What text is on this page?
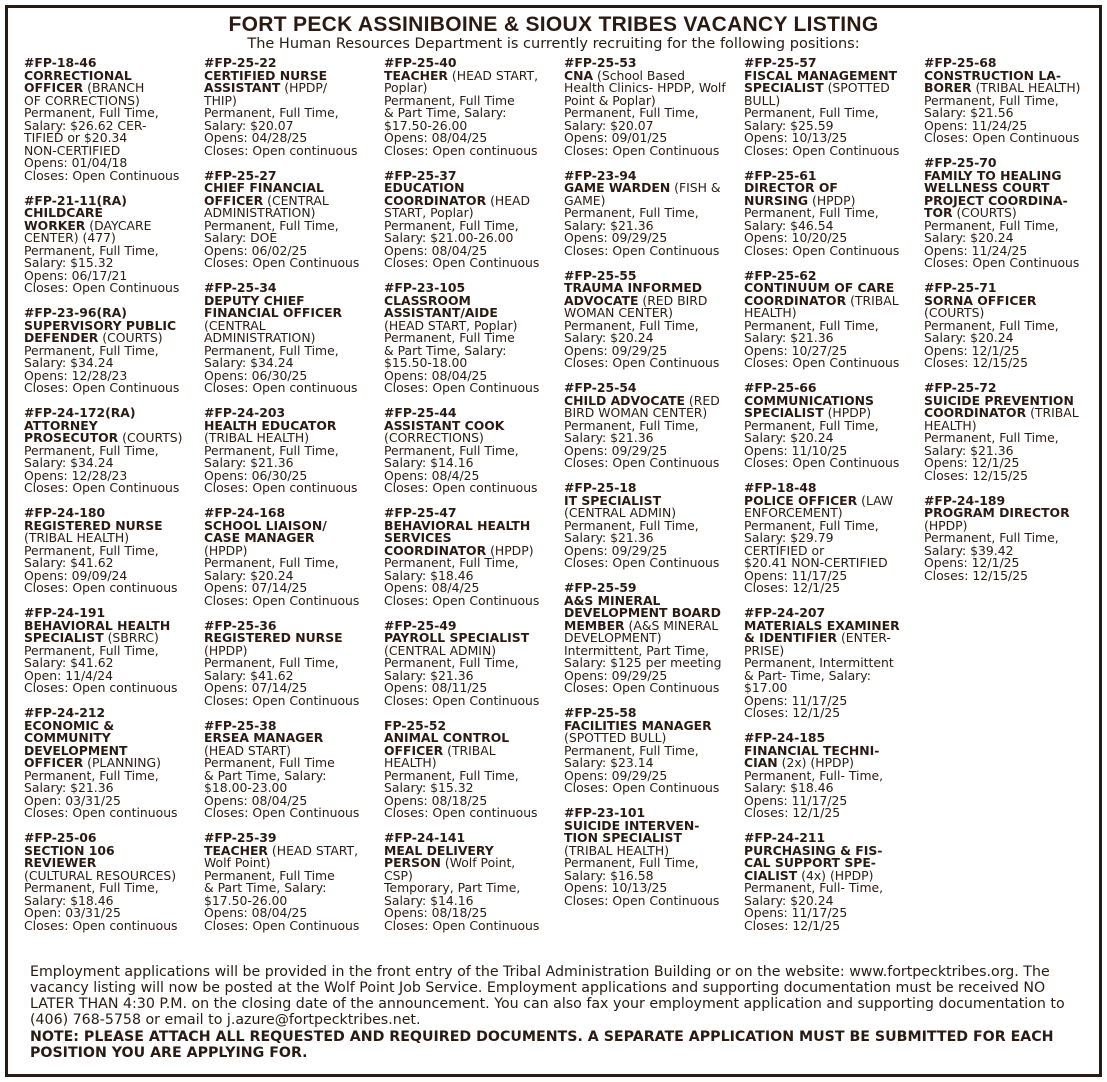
FORT PECK ASSINIBOINE & SIOUX TRIBES VACANCY LISTING
The Human Resources Department is currently recruiting for the following positions:
#FP-18-46
CORRECTIONAL
OFFICER (BRANCH
OF CORRECTIONS)
Permanent, Full Time,
Salary: $26.62 CER-
TIFIED or $20.34
NON-CERTIFIED
Opens: 01/04/18
Closes: Open Continuous
#FP-21-11(RA)
CHILDCARE
WORKER (DAYCARE
CENTER) (477)
Permanent, Full Time,
Salary: $15.32
Opens: 06/17/21
Closes: Open Continuous
#FP-23-96(RA)
SUPERVISORY PUBLIC
DEFENDER (COURTS)
Permanent, Full Time,
Salary: $34.24
Opens: 12/28/23
Closes: Open Continuous
#FP-24-172(RA)
ATTORNEY
PROSECUTOR (COURTS)
Permanent, Full Time,
Salary: $34.24
Opens: 12/28/23
Closes: Open Continuous
#FP-24-180
REGISTERED NURSE
(TRIBAL HEALTH)
Permanent, Full Time,
Salary: $41.62
Opens: 09/09/24
Closes: Open continuous
#FP-24-191
BEHAVIORAL HEALTH
SPECIALIST (SBRRC)
Permanent, Full Time,
Salary: $41.62
Open: 11/4/24
Closes: Open continuous
#FP-24-212
ECONOMIC &
COMMUNITY
DEVELOPMENT
OFFICER (PLANNING)
Permanent, Full Time,
Salary: $21.36
Open: 03/31/25
Closes: Open continuous
#FP-25-06
SECTION 106
REVIEWER
(CULTURAL RESOURCES)
Permanent, Full Time,
Salary: $18.46
Open: 03/31/25
Closes: Open continuous
#FP-25-22
CERTIFIED NURSE
ASSISTANT (HPDP/
THIP)
Permanent, Full Time,
Salary: $20.07
Opens: 04/28/25
Closes: Open continuous
#FP-25-27
CHIEF FINANCIAL
OFFICER (CENTRAL
ADMINISTRATION)
Permanent, Full Time,
Salary: DOE
Opens: 06/02/25
Closes: Open Continuous
#FP-25-34
DEPUTY CHIEF
FINANCIAL OFFICER
(CENTRAL
ADMINISTRATION)
Permanent, Full Time,
Salary: $34.24
Opens: 06/30/25
Closes: Open continuous
#FP-24-203
HEALTH EDUCATOR
(TRIBAL HEALTH)
Permanent, Full Time,
Salary: $21.36
Opens: 06/30/25
Closes: Open continuous
#FP-24-168
SCHOOL LIAISON/
CASE MANAGER
(HPDP)
Permanent, Full Time,
Salary: $20.24
Opens: 07/14/25
Closes: Open Continuous
#FP-25-36
REGISTERED NURSE
(HPDP)
Permanent, Full Time,
Salary: $41.62
Opens: 07/14/25
Closes: Open Continuous
#FP-25-38
ERSEA MANAGER
(HEAD START)
Permanent, Full Time
& Part Time, Salary:
$18.00-23.00
Opens: 08/04/25
Closes: Open Continuous
#FP-25-39
TEACHER (HEAD START,
Wolf Point)
Permanent, Full Time
& Part Time, Salary:
$17.50-26.00
Opens: 08/04/25
Closes: Open Continuous
#FP-25-40
TEACHER (HEAD START,
Poplar)
Permanent, Full Time
& Part Time, Salary:
$17.50-26.00
Opens: 08/04/25
Closes: Open continuous
#FP-25-37
EDUCATION
COORDINATOR (HEAD
START, Poplar)
Permanent, Full Time,
Salary: $21.00-26.00
Opens: 08/04/25
Closes: Open Continuous
#FP-23-105
CLASSROOM
ASSISTANT/AIDE
(HEAD START, Poplar)
Permanent, Full Time
& Part Time, Salary:
$15.50-18.00
Opens: 08/04/25
Closes: Open Continuous
#FP-25-44
ASSISTANT COOK
(CORRECTIONS)
Permanent, Full Time,
Salary: $14.16
Opens: 08/4/25
Closes: Open continuous
#FP-25-47
BEHAVIORAL HEALTH
SERVICES
COORDINATOR (HPDP)
Permanent, Full Time,
Salary: $18.46
Opens: 08/4/25
Closes: Open Continuous
#FP-25-49
PAYROLL SPECIALIST
(CENTRAL ADMIN)
Permanent, Full Time,
Salary: $21.36
Opens: 08/11/25
Closes: Open Continuous
FP-25-52
ANIMAL CONTROL
OFFICER (TRIBAL
HEALTH)
Permanent, Full Time,
Salary: $15.32
Opens: 08/18/25
Closes: Open continuous
#FP-24-141
MEAL DELIVERY
PERSON (Wolf Point,
CSP)
Temporary, Part Time,
Salary: $14.16
Opens: 08/18/25
Closes: Open Continuous
#FP-25-53
CNA (School Based
Health Clinics- HPDP, Wolf
Point & Poplar)
Permanent, Full Time,
Salary: $20.07
Opens: 09/01/25
Closes: Open Continuous
#FP-23-94
GAME WARDEN (FISH &
GAME)
Permanent, Full Time,
Salary: $21.36
Opens: 09/29/25
Closes: Open Continuous
#FP-25-55
TRAUMA INFORMED
ADVOCATE (RED BIRD
WOMAN CENTER)
Permanent, Full Time,
Salary: $20.24
Opens: 09/29/25
Closes: Open Continuous
#FP-25-54
CHILD ADVOCATE (RED
BIRD WOMAN CENTER)
Permanent, Full Time,
Salary: $21.36
Opens: 09/29/25
Closes: Open Continuous
#FP-25-18
IT SPECIALIST
(CENTRAL ADMIN)
Permanent, Full Time,
Salary: $21.36
Opens: 09/29/25
Closes: Open Continuous
#FP-25-59
A&S MINERAL
DEVELOPMENT BOARD
MEMBER (A&S MINERAL
DEVELOPMENT)
Intermittent, Part Time,
Salary: $125 per meeting
Opens: 09/29/25
Closes: Open Continuous
#FP-25-58
FACILITIES MANAGER
(SPOTTED BULL)
Permanent, Full Time,
Salary: $23.14
Opens: 09/29/25
Closes: Open Continuous
#FP-23-101
SUICIDE INTERVEN-
TION SPECIALIST
(TRIBAL HEALTH)
Permanent, Full Time,
Salary: $16.58
Opens: 10/13/25
Closes: Open Continuous
#FP-25-57
FISCAL MANAGEMENT
SPECIALIST (SPOTTED
BULL)
Permanent, Full Time,
Salary: $25.59
Opens: 10/13/25
Closes: Open Continuous
#FP-25-61
DIRECTOR OF
NURSING (HPDP)
Permanent, Full Time,
Salary: $46.54
Opens: 10/20/25
Closes: Open Continuous
#FP-25-62
CONTINUUM OF CARE
COORDINATOR (TRIBAL
HEALTH)
Permanent, Full Time,
Salary: $21.36
Opens: 10/27/25
Closes: Open Continuous
#FP-25-66
COMMUNICATIONS
SPECIALIST (HPDP)
Permanent, Full Time,
Salary: $20.24
Opens: 11/10/25
Closes: Open Continuous
#FP-18-48
POLICE OFFICER (LAW
ENFORCEMENT)
Permanent, Full Time,
Salary: $29.79
CERTIFIED or
$20.41 NON-CERTIFIED
Opens: 11/17/25
Closes: 12/1/25
#FP-24-207
MATERIALS EXAMINER
& IDENTIFIER (ENTER-
PRISE)
Permanent, Intermittent
& Part- Time, Salary:
$17.00
Opens: 11/17/25
Closes: 12/1/25
#FP-24-185
FINANCIAL TECHNI-
CIAN (2x) (HPDP)
Permanent, Full- Time,
Salary: $18.46
Opens: 11/17/25
Closes: 12/1/25
#FP-24-211
PURCHASING & FIS-
CAL SUPPORT SPE-
CIALIST (4x) (HPDP)
Permanent, Full- Time,
Salary: $20.24
Opens: 11/17/25
Closes: 12/1/25
#FP-25-68
CONSTRUCTION LA-
BORER (TRIBAL HEALTH)
Permanent, Full Time,
Salary: $21.56
Opens: 11/24/25
Closes: Open Continuous
#FP-25-70
FAMILY TO HEALING
WELLNESS COURT
PROJECT COORDINA-
TOR (COURTS)
Permanent, Full Time,
Salary: $20.24
Opens: 11/24/25
Closes: Open Continuous
#FP-25-71
SORNA OFFICER
(COURTS)
Permanent, Full Time,
Salary: $20.24
Opens: 12/1/25
Closes: 12/15/25
#FP-25-72
SUICIDE PREVENTION
COORDINATOR (TRIBAL
HEALTH)
Permanent, Full Time,
Salary: $21.36
Opens: 12/1/25
Closes: 12/15/25
#FP-24-189
PROGRAM DIRECTOR
(HPDP)
Permanent, Full Time,
Salary: $39.42
Opens: 12/1/25
Closes: 12/15/25
Employment applications will be provided in the front entry of the Tribal Administration Building or on the website: www.fortpecktribes.org. The vacancy listing will now be posted at the Wolf Point Job Service. Employment applications and supporting documentation must be received NO LATER THAN 4:30 P.M. on the closing date of the announcement. You can also fax your employment application and supporting documentation to (406) 768-5758 or email to j.azure@fortpecktribes.net.
NOTE: PLEASE ATTACH ALL REQUESTED AND REQUIRED DOCUMENTS. A SEPARATE APPLICATION MUST BE SUBMITTED FOR EACH POSITION YOU ARE APPLYING FOR.
